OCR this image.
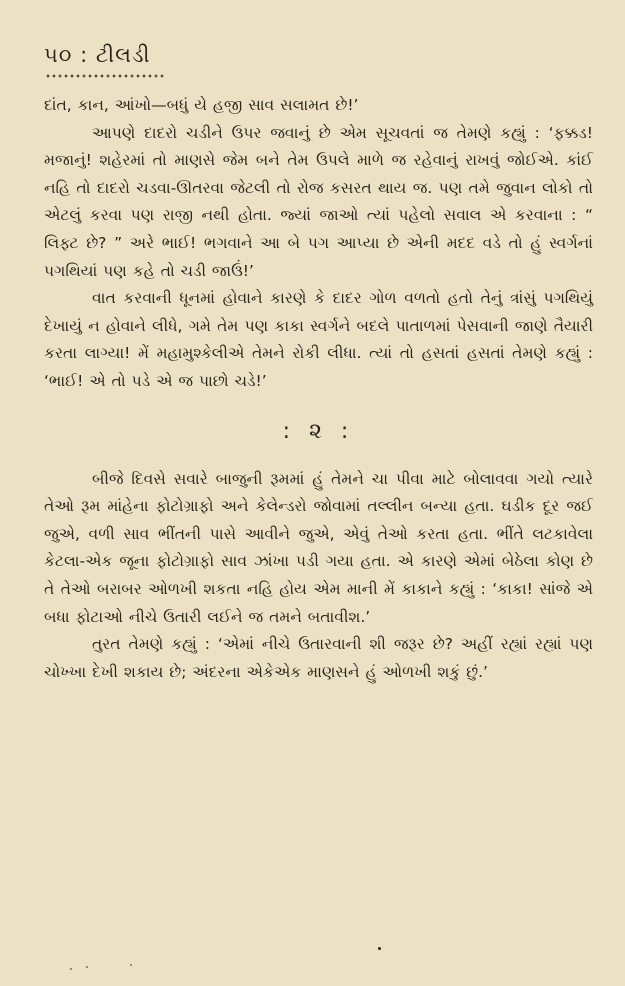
૫૦ : ટીલડી

દાંત, કાન, આંખો—બધું યે હજી સાવ સલામત છે!’

આપણે દાદરો ચડીને ઉપર જવાનું છે એમ સૂચવતાં જ તેમણે કહ્યું : ‘ફક્કડ! મજાનું! શહેરમાં તો માણસે જેમ બને તેમ ઉપલે માળે જ રહેવાનું રાખવું જોઈએ. કાંઈ નહિ તો દાદરો ચડવા-ઊતરવા જેટલી તો રોજ કસરત થાય જ. પણ તમે જુવાન લોકો તો એટલું કરવા પણ રાજી નથી હોતા. જ્યાં જાઓ ત્યાં પહેલો સવાલ એ કરવાના : “ લિફ્ટ છે? ” અરે ભાઈ! ભગવાને આ બે પગ આપ્યા છે એની મદદ વડે તો હું સ્વર્ગનાં પગથિયાં પણ કહે તો ચડી જાઉં!’

વાત કરવાની ધૂનમાં હોવાને કારણે કે દાદર ગોળ વળતો હતો તેનું ત્રાંસું પગથિયું દેખાયું ન હોવાને લીધે, ગમે તેમ પણ કાકા સ્વર્ગને બદલે પાતાળમાં પેસવાની જાણે તૈયારી કરતા લાગ્યા! મેં મહામુશ્કેલીએ તેમને રોકી લીધા. ત્યાં તો હસતાં હસતાં તેમણે કહ્યું : ‘ભાઈ! એ તો પડે એ જ પાછો ચડે!’

: ૨ :

બીજે દિવસે સવારે બાજુની રૂમમાં હું તેમને ચા પીવા માટે બોલાવવા ગયો ત્યારે તેઓ રૂમ માંહેના ફોટોગ્રાફો અને કેલેન્ડરો જોવામાં તલ્લીન બન્યા હતા. ઘડીક દૂર જઈ જુએ, વળી સાવ ભીંતની પાસે આવીને જુએ, એવું તેઓ કરતા હતા. ભીંતે લટકાવેલા કેટલા-એક જૂના ફોટોગ્રાફો સાવ ઝાંખા પડી ગયા હતા. એ કારણે એમાં બેઠેલા કોણ છે તે તેઓ બરાબર ઓળખી શકતા નહિ હોય એમ માની મેં કાકાને કહ્યું : ‘કાકા! સાંજે એ બધા ફોટાઓ નીચે ઉતારી લઈને જ તમને બતાવીશ.’

તુરત તેમણે કહ્યું : ‘એમાં નીચે ઉતારવાની શી જરૂર છે? અહીં રહ્યાં રહ્યાં પણ ચોખ્ખા દેખી શકાય છે; અંદરના એકેએક માણસને હું ઓળખી શકું છું.’
